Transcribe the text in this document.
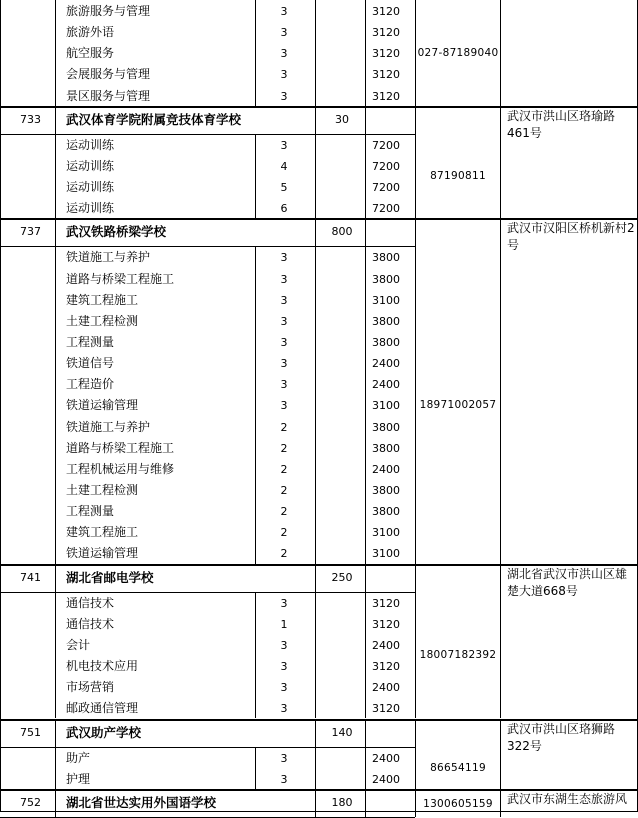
旅游服务与管理	3	3120
旅游外语	3	3120
航空服务	3	3120
会展服务与管理	3	3120
景区服务与管理	3	3120
027-87189040
733 武汉体育学院附属竞技体育学校	30	武汉市洪山区珞瑜路461号
运动训练	3	7200
运动训练	4	7200
运动训练	5	7200
运动训练	6	7200
87190811
737 武汉铁路桥梁学校	800	武汉市汉阳区桥机新村2号
铁道施工与养护	3	3800
道路与桥梁工程施工	3	3800
建筑工程施工	3	3100
土建工程检测	3	3800
工程测量	3	3800
铁道信号	3	2400
工程造价	3	2400
铁道运输管理	3	3100
铁道施工与养护	2	3800
道路与桥梁工程施工	2	3800
工程机械运用与维修	2	2400
土建工程检测	2	3800
工程测量	2	3800
建筑工程施工	2	3100
铁道运输管理	2	3100
18971002057
741 湖北省邮电学校	250	湖北省武汉市洪山区雄楚大道668号
通信技术	3	3120
通信技术	1	3120
会计	3	2400
机电技术应用	3	3120
市场营销	3	2400
邮政通信管理	3	3120
18007182392
751 武汉助产学校	140	武汉市洪山区珞狮路322号
助产	3	2400
护理	3	2400
86654119
752 湖北省世达实用外国语学校	180	武汉市东湖生态旅游风
1300605159
